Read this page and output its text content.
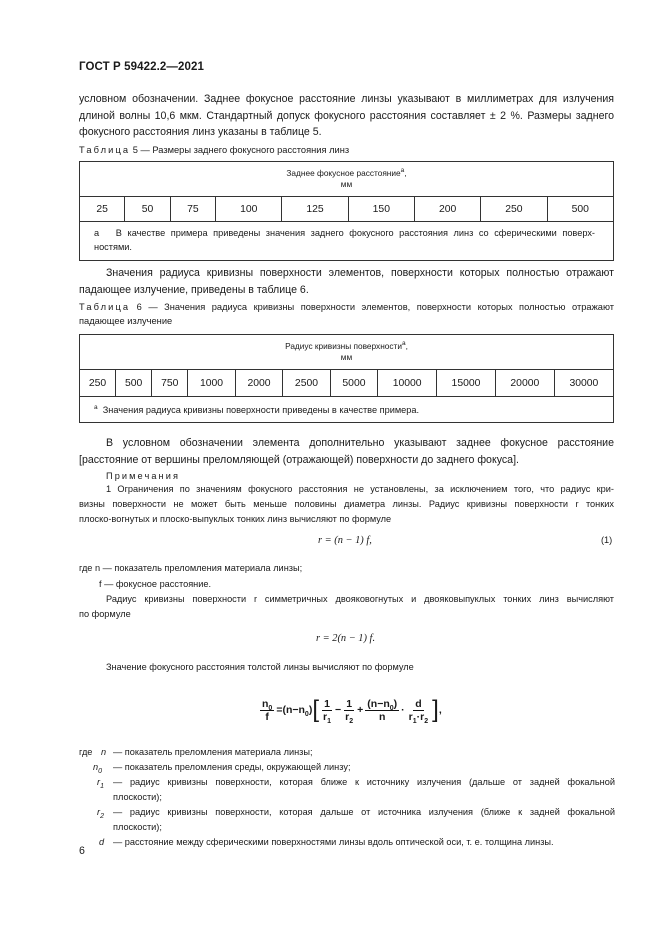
ГОСТ Р 59422.2—2021
условном обозначении. Заднее фокусное расстояние линзы указывают в миллиметрах для излучения
длиной волны 10,6 мкм. Стандартный допуск фокусного расстояния составляет ± 2 %. Размеры заднего
фокусного расстояния линз указаны в таблице 5.
Таблица 5 — Размеры заднего фокусного расстояния линз
Заднее фокусное расстояние$^a$,
мм
25	50	75	100	125	150	200	250	500

a В качестве примера приведены значения заднего фокусного расстояния линз со сферическими поверх-
ностями.
Значения радиуса кривизны поверхности элементов, поверхности которых полностью отражают
падающее излучение, приведены в таблице 6.
Таблица 6 — Значения радиуса кривизны поверхности элементов, поверхности которых полностью отражают
падающее излучение
Радиус кривизны поверхности$^a$,
мм
250	500	750	1000	2000	2500	5000	10000	15000	20000	30000
$^a$ Значения радиуса кривизны поверхности приведены в качестве примера.
В условном обозначении элемента дополнительно указывают заднее фокусное расстояние
[расстояние от вершины преломляющей (отражающей) поверхности до заднего фокуса].
Примечания
1 Ограничения по значениям фокусного расстояния не установлены, за исключением того, что радиус кри-
визны поверхности не может быть меньше половины диаметра линзы. Радиус кривизны поверхности r тонких
плоско-вогнутых и плоско-выпуклых тонких линз вычисляют по формуле
r = (n − 1) f,	(1)
где n — показатель преломления материала линзы;
f — фокусное расстояние.
Радиус кривизны поверхности r симметричных двояковогнутых и двояковыпуклых тонких линз вычисляют
по формуле
r = 2(n − 1) f.
Значение фокусного расстояния толстой линзы вычисляют по формуле
$\frac{n_0}{f} =(n-n_0)$ [ $\frac{1}{r_1} - \frac{1}{r_2} + \frac{(n-n_0)}{n} \cdot \frac{d}{r_1\cdot r_2}$ ] ,
где n — показатель преломления материала линзы;
$n_0$	— показатель преломления среды, окружающей линзу;
$r_1$ — радиус кривизны поверхности, которая ближе к источнику излучения (дальше от задней фокальной
плоскости);
$r_2$ — радиус кривизны поверхности, которая дальше от источника излучения (ближе к задней фокальной
плоскости);
d — расстояние между сферическими поверхностями линзы вдоль оптической оси, т. е. толщина линзы.
6
